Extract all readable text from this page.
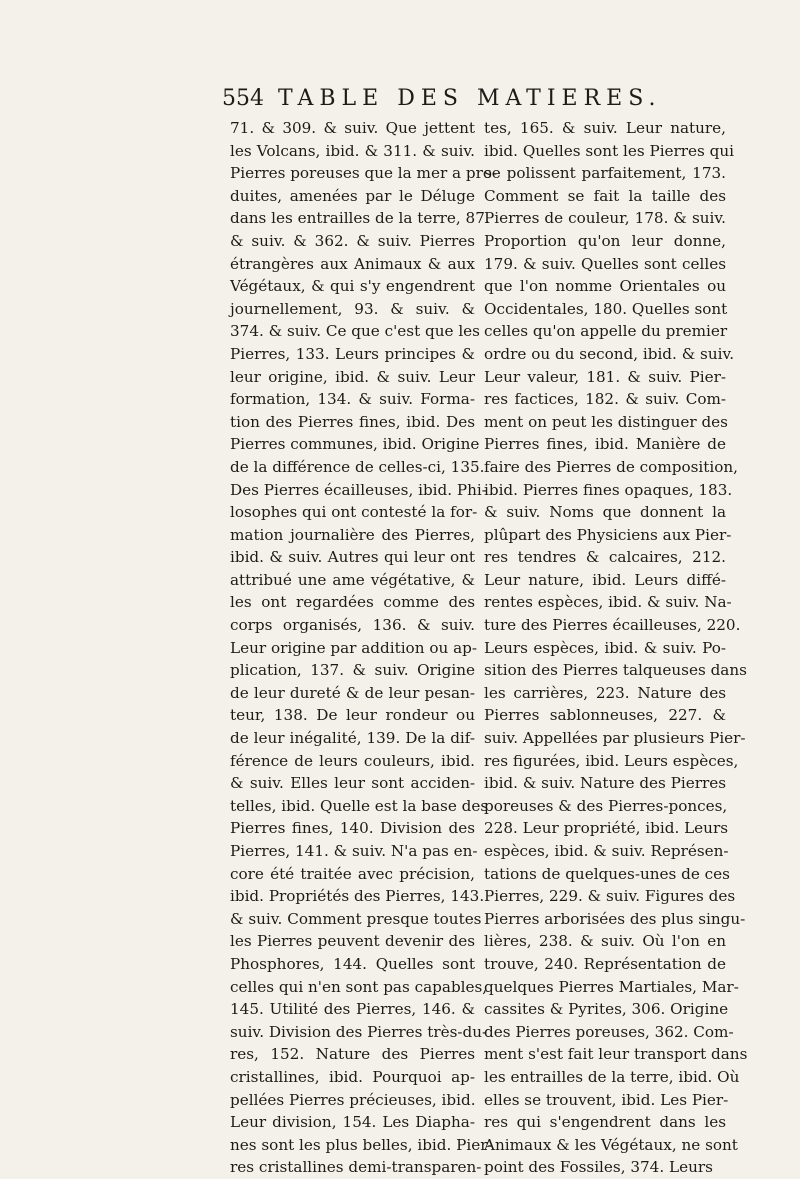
554 TABLE DES MATIERES.

71. & 309. & suiv. Que jettent

les Volcans, ibid. & 311. & suiv.

Pierres poreuses que la mer a pro-

duites, amenées par le Déluge

dans les entrailles de la terre, 87.

& suiv. & 362. & suiv. Pierres

étrangères aux Animaux & aux

Végétaux, & qui s'y engendrent

journellement, 93. & suiv. &

374. & suiv. Ce que c'est que les

Pierres, 133. Leurs principes &

leur origine, ibid. & suiv. Leur

formation, 134. & suiv. Forma-

tion des Pierres fines, ibid. Des

Pierres communes, ibid. Origine

de la différence de celles-ci, 135.

Des Pierres écailleuses, ibid. Phi-

losophes qui ont contesté la for-

mation journalière des Pierres,

ibid. & suiv. Autres qui leur ont

attribué une ame végétative, &

les ont regardées comme des

corps organisés, 136. & suiv.

Leur origine par addition ou ap-

plication, 137. & suiv. Origine

de leur dureté & de leur pesan-

teur, 138. De leur rondeur ou

de leur inégalité, 139. De la dif-

férence de leurs couleurs, ibid.

& suiv. Elles leur sont acciden-

telles, ibid. Quelle est la base des

Pierres fines, 140. Division des

Pierres, 141. & suiv. N'a pas en-

core été traitée avec précision,

ibid. Propriétés des Pierres, 143.

& suiv. Comment presque toutes

les Pierres peuvent devenir des

Phosphores, 144. Quelles sont

celles qui n'en sont pas capables,

145. Utilité des Pierres, 146. &

suiv. Division des Pierres très-du-

res, 152. Nature des Pierres

cristallines, ibid. Pourquoi ap-

pellées Pierres précieuses, ibid.

Leur division, 154. Les Diapha-

nes sont les plus belles, ibid. Pier-

res cristallines demi-transparen-

tes, 165. & suiv. Leur nature,

ibid. Quelles sont les Pierres qui

se polissent parfaitement, 173.

Comment se fait la taille des

Pierres de couleur, 178. & suiv.

Proportion qu'on leur donne,

179. & suiv. Quelles sont celles

que l'on nomme Orientales ou

Occidentales, 180. Quelles sont

celles qu'on appelle du premier

ordre ou du second, ibid. & suiv.

Leur valeur, 181. & suiv. Pier-

res factices, 182. & suiv. Com-

ment on peut les distinguer des

Pierres fines, ibid. Manière de

faire des Pierres de composition,

ibid. Pierres fines opaques, 183.

& suiv. Noms que donnent la

plûpart des Physiciens aux Pier-

res tendres & calcaires, 212.

Leur nature, ibid. Leurs diffé-

rentes espèces, ibid. & suiv. Na-

ture des Pierres écailleuses, 220.

Leurs espèces, ibid. & suiv. Po-

sition des Pierres talqueuses dans

les carrières, 223. Nature des

Pierres sablonneuses, 227. &

suiv. Appellées par plusieurs Pier-

res figurées, ibid. Leurs espèces,

ibid. & suiv. Nature des Pierres

poreuses & des Pierres-ponces,

228. Leur propriété, ibid. Leurs

espèces, ibid. & suiv. Représen-

tations de quelques-unes de ces

Pierres, 229. & suiv. Figures des

Pierres arborisées des plus singu-

lières, 238. & suiv. Où l'on en

trouve, 240. Représentation de

quelques Pierres Martiales, Mar-

cassites & Pyrites, 306. Origine

des Pierres poreuses, 362. Com-

ment s'est fait leur transport dans

les entrailles de la terre, ibid. Où

elles se trouvent, ibid. Les Pier-

res qui s'engendrent dans les

Animaux & les Végétaux, ne sont

point des Fossiles, 374. Leurs
